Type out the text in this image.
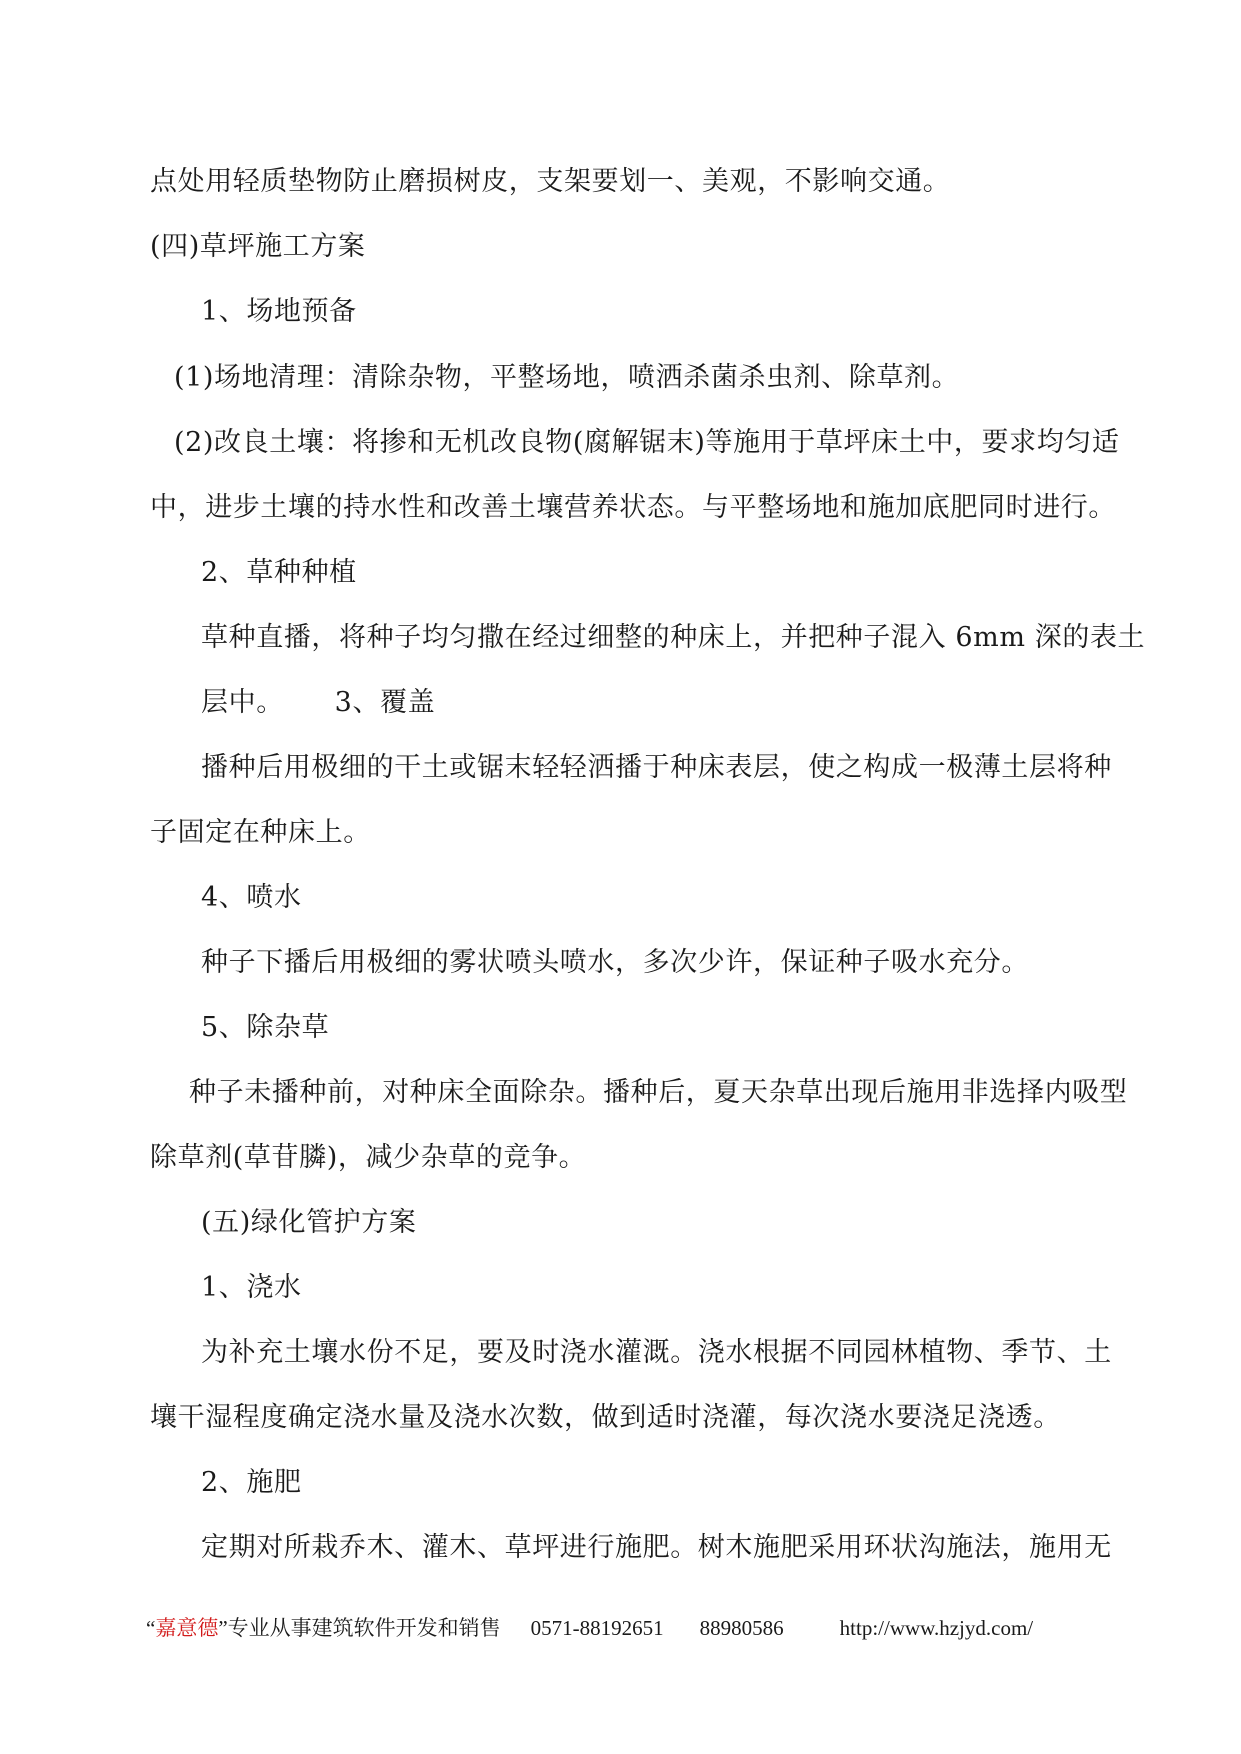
点处用轻质垫物防止磨损树皮，支架要划一、美观，不影响交通。
(四)草坪施工方案
1、场地预备
(1)场地清理：清除杂物，平整场地，喷洒杀菌杀虫剂、除草剂。
(2)改良土壤：将掺和无机改良物(腐解锯末)等施用于草坪床土中，要求均匀适
中，进步土壤的持水性和改善土壤营养状态。与平整场地和施加底肥同时进行。
2、草种种植
草种直播，将种子均匀撒在经过细整的种床上，并把种子混入 6mm 深的表土
层中。　　 3、覆盖
播种后用极细的干土或锯末轻轻洒播于种床表层，使之构成一极薄土层将种
子固定在种床上。
4、喷水
种子下播后用极细的雾状喷头喷水，多次少许，保证种子吸水充分。
5、除杂草
种子未播种前，对种床全面除杂。播种后，夏天杂草出现后施用非选择内吸型
除草剂(草苷膦)，减少杂草的竞争。
(五)绿化管护方案
1、浇水
为补充土壤水份不足，要及时浇水灌溉。浇水根据不同园林植物、季节、土
壤干湿程度确定浇水量及浇水次数，做到适时浇灌，每次浇水要浇足浇透。
2、施肥
定期对所栽乔木、灌木、草坪进行施肥。树木施肥采用环状沟施法，施用无
“嘉意德”专业从事建筑软件开发和销售 0571-88192651 88980586	http://www.hzjyd.com/
